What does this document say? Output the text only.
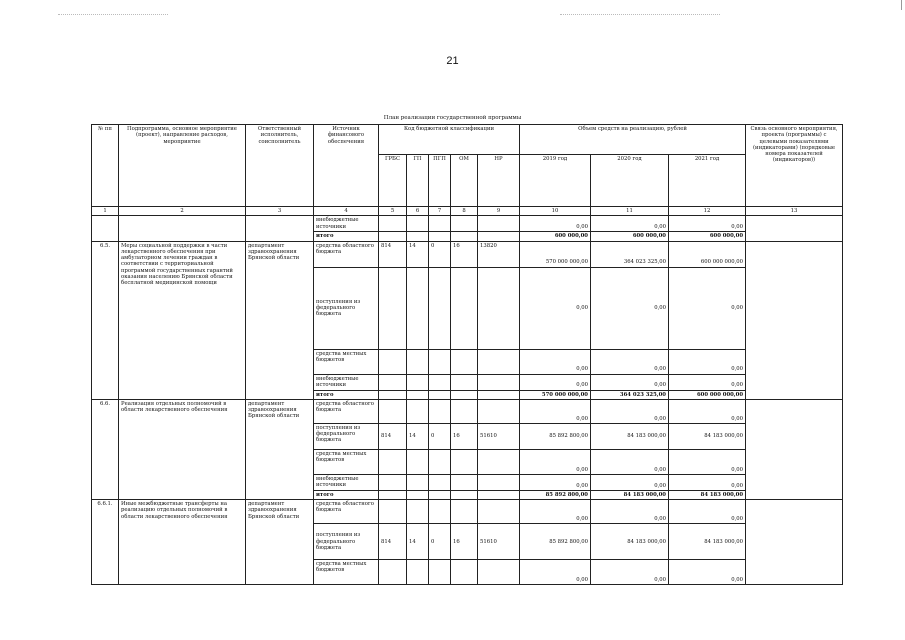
21
План реализации государственной программы
№ пп	Подпрограмма, основное мероприятие (проект), направление расходов, мероприятие	Ответственный исполнитель, соисполнитель	Источник финансового обеспечения	Код бюджетной классификации					Объем средств на реализацию, рублей			Связь основного мероприятия, проекта (программы) с целевыми показателями (индикаторами) (порядковые номера показателей (индикаторов))
				ГРБС	ГП	ПГП	ОМ	НР	2019 год	2020 год	2021 год	
1	2	3	4	5	6	7	8	9	10	11	12	13
			внебюджетные источники						0,00	0,00	0,00	
			итого						600 000,00	600 000,00	600 000,00	
6.5.	Меры социальной поддержки в части лекарственного обеспечения при амбулаторном лечении граждан в соответствии с территориальной программой государственных гарантий оказания населению Брянской области бесплатной медицинской помощи	департамент здравоохранения Брянской области	средства областного бюджета	814	14	0	16	13820	570 000 000,00	364 023 325,00	600 000 000,00	
			поступления из федерального бюджета						0,00	0,00	0,00	
			средства местных бюджетов						0,00	0,00	0,00	
			внебюджетные источники						0,00	0,00	0,00	
			итого						570 000 000,00	364 023 325,00	600 000 000,00	
6.6.	Реализация отдельных полномочий в области лекарственного обеспечения	департамент здравоохранения Брянской области	средства областного бюджета						0,00	0,00	0,00	
			поступления из федерального бюджета	814	14	0	16	51610	85 892 800,00	84 183 000,00	84 183 000,00	
			средства местных бюджетов						0,00	0,00	0,00	
			внебюджетные источники						0,00	0,00	0,00	
			итого						85 892 800,00	84 183 000,00	84 183 000,00	
6.6.1.	Иные межбюджетные трансферты на реализацию отдельных полномочий в области лекарственного обеспечения	департамент здравоохранения Брянской области	средства областного бюджета						0,00	0,00	0,00	
			поступления из федерального бюджета	814	14	0	16	51610	85 892 800,00	84 183 000,00	84 183 000,00	
			средства местных бюджетов						0,00	0,00	0,00	
